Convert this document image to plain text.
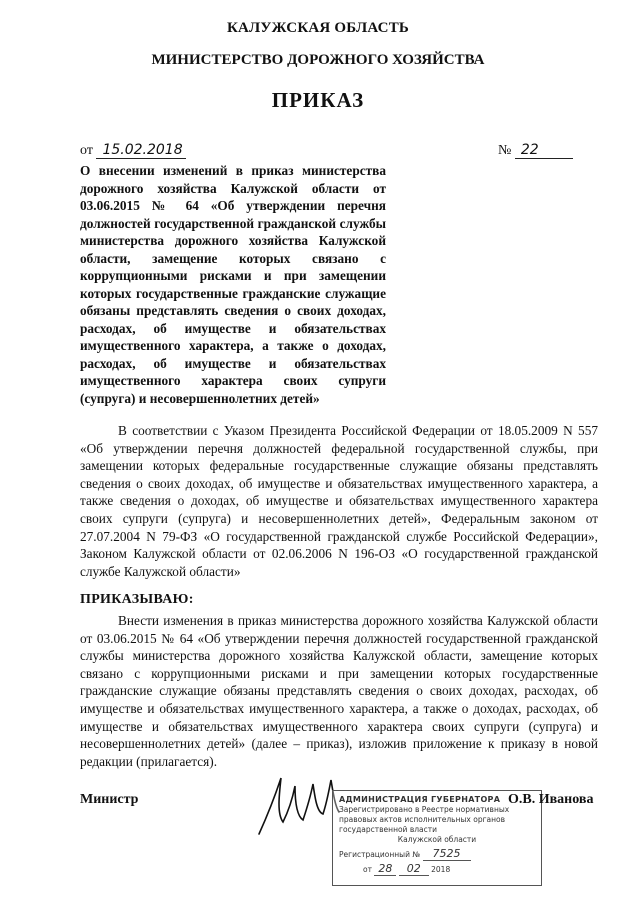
КАЛУЖСКАЯ ОБЛАСТЬ
МИНИСТЕРСТВО ДОРОЖНОГО ХОЗЯЙСТВА
ПРИКАЗ
от 15.02.2018	№ 22
О внесении изменений в приказ министерства дорожного хозяйства Калужской области от 03.06.2015 № 64 «Об утверждении перечня должностей государственной гражданской службы министерства дорожного хозяйства Калужской области, замещение которых связано с коррупционными рисками и при замещении которых государственные гражданские служащие обязаны представлять сведения о своих доходах, расходах, об имуществе и обязательствах имущественного характера, а также о доходах, расходах, об имуществе и обязательствах имущественного характера своих супруги (супруга) и несовершеннолетних детей»
В соответствии с Указом Президента Российской Федерации от 18.05.2009 N 557 «Об утверждении перечня должностей федеральной государственной службы, при замещении которых федеральные государственные служащие обязаны представлять сведения о своих доходах, об имуществе и обязательствах имущественного характера, а также сведения о доходах, об имуществе и обязательствах имущественного характера своих супруги (супруга) и несовершеннолетних детей», Федеральным законом от 27.07.2004 N 79-ФЗ «О государственной гражданской службе Российской Федерации», Законом Калужской области от 02.06.2006 N 196-ОЗ «О государственной гражданской службе Калужской области»
ПРИКАЗЫВАЮ:
Внести изменения в приказ министерства дорожного хозяйства Калужской области от 03.06.2015 № 64 «Об утверждении перечня должностей государственной гражданской службы министерства дорожного хозяйства Калужской области, замещение которых связано с коррупционными рисками и при замещении которых государственные гражданские служащие обязаны представлять сведения о своих доходах, расходах, об имуществе и обязательствах имущественного характера, а также о доходах, расходах, об имуществе и обязательствах имущественного характера своих супруги (супруга) и несовершеннолетних детей» (далее – приказ), изложив приложение к приказу в новой редакции (прилагается).
Министр	АДМИНИСТРАЦИЯ ГУБЕРНАТОРА
Зарегистрировано в Реестре нормативных
правовых актов исполнительных органов государственной власти
Калужской области
Регистрационный № 7525
от 28 02 2018
О.В. Иванова
